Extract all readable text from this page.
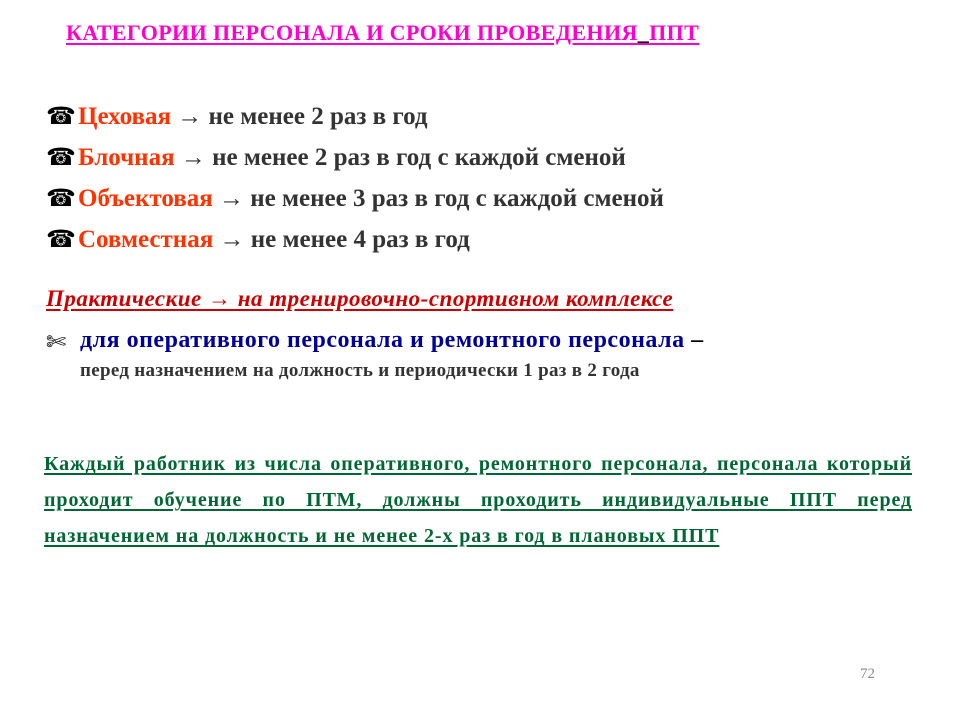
КАТЕГОРИИ ПЕРСОНАЛА И СРОКИ ПРОВЕДЕНИЯ_ППТ
☎Цеховая → не менее 2 раз в год
☎Блочная → не менее 2 раз в год с каждой сменой
☎Объектовая → не менее 3 раз в год с каждой сменой
☎Совместная → не менее 4 раз в год
Практические → на тренировочно-спортивном комплексе
✄ для оперативного персонала и ремонтного персонала –
перед назначением на должность и периодически 1 раз в 2 года
Каждый работник из числа оперативного, ремонтного персонала, персонала который проходит обучение по ПТМ, должны проходить индивидуальные ППТ перед назначением на должность и не менее 2-х раз в год в плановых ППТ
72
